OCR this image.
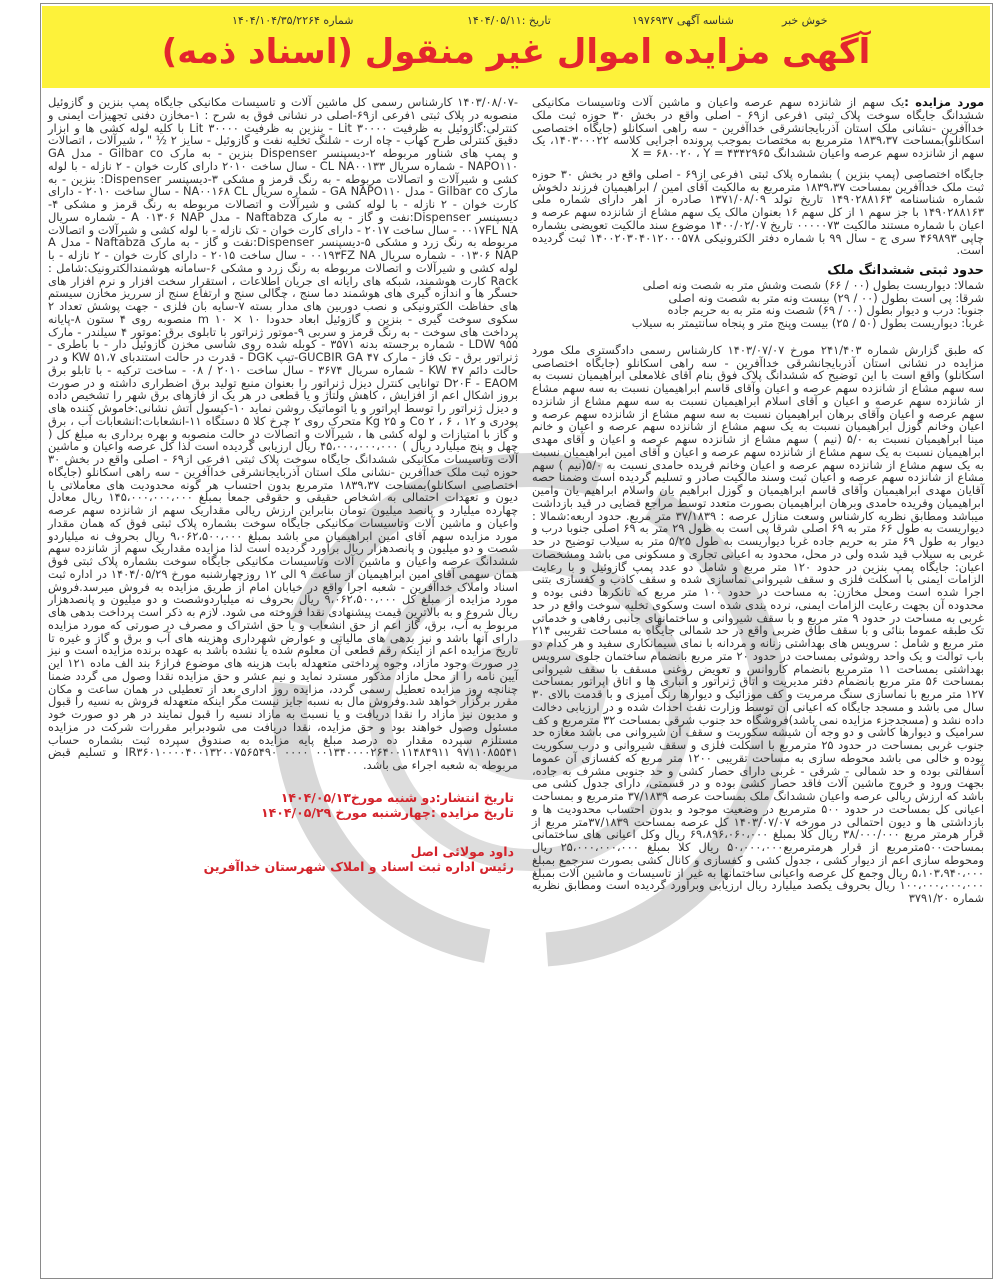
خوش خبر
شناسه آگهی ۱۹۷۶۹۳۷
تاریخ :۱۴۰۴/۰۵/۱۱
شماره ۱۴۰۴/۱۰۴/۳۵/۲۲۶۴
آگهی مزایده اموال غیر منقول (اسناد ذمه)

مورد مزایده :یک سهم از شانزده سهم عرصه واعیان و ماشین آلات وتاسیسات مکانیکی ششدانگ جایگاه سوخت پلاک ثبتی ۱فرعی از۶۹ - اصلی واقع در بخش ۳۰ حوزه ثبت ملک خداآفرین -نشانی ملک استان آذربایجانشرقی خداآفرین - سه راهی اسکانلو (جایگاه اختصاصی اسکانلو)بمساحت ۱۸۳۹،۳۷ مترمربع به مختصات بموجب پرونده اجرایی کلاسه ۱۴۰۳۰۰۰۲۲، یک سهم از شانزده سهم عرصه واعیان ششدانگ X = ۶۸۰۰۲۰ ، Y = ۴۳۴۲۹۶۵

جایگاه اختصاصی (پمپ بنزین ) بشماره پلاک ثبتی ۱فرعی از۶۹ - اصلی واقع در بخش ۳۰ حوزه ثبت ملک خداآفرین بمساحت ۱۸۳۹،۳۷ مترمربع به مالکیت آقای امین / ابراهیمیان فرزند دلخوش شماره شناسنامه ۱۴۹۰۲۸۸۱۶۳ تاریخ تولد ۱۳۷۱/۰۸/۰۹ صادره از اهر دارای شماره ملی ۱۴۹۰۲۸۸۱۶۳ با جز سهم ۱ از کل سهم ۱۶ بعنوان مالک یک سهم مشاع از شانزده سهم عرصه و اعیان با شماره مستند مالکیت ۰۰۰۰۰۷۳ تاریخ ۱۴۰۰/۰۲/۰۷ موضوع سند مالکیت تعویضی بشماره چاپی ۴۶۹۸۹۳ سری ج - سال ۹۹ با شماره دفتر الکترونیکی ۱۴۰۰۲۰۳۰۴۰۱۲۰۰۰۵۷۸ ثبت گردیده است.

حدود ثبتی ششدانگ ملک
شمالا: دیواریست بطول (۰۰ / ۶۶) شصت وشش متر به شصت ونه اصلی
شرقا: پی است بطول (۰۰ / ۲۹) بیست ونه متر به شصت ونه اصلی
جنوبا: درب و دیوار بطول (۰۰ / ۶۹) شصت ونه متر به به حریم جاده
غربا: دیواریست بطول (۵۰ / ۲۵) بیست وپنج متر و پنجاه سانتیمتر به سیلاب

که طبق گزارش شماره ۲۴۱/۴۰۳ مورخ ۱۴۰۳/۰۷/۰۷ کارشناس رسمی دادگستری ملک مورد مزایده در نشانی استان آذربایجانشرقی خداآفرین - سه راهی اسکانلو (جایگاه اختصاصی اسکانلو) واقع است با این توضیح که ششدانگ پلاک فوق بنام آقای غلامعلی ابراهیمیان نسبت به سه سهم مشاع از شانزده سهم عرصه و اعیان وآقای قاسم ابراهیمیان نسبت به سه سهم مشاع از شانزده سهم عرصه و اعیان و آقای اسلام ابراهیمیان نسبت به سه سهم مشاع از شانزده سهم عرصه و اعیان وآقای برهان ابراهیمیان نسبت به سه سهم مشاع از شانزده سهم عرصه و اعیان وخانم گوزل ابراهیمیان نسبت به یک سهم مشاع از شانزده سهم عرصه و اعیان و خانم مینا ابراهیمیان نسبت به ۵/۰ (نیم ) سهم مشاع از شانزده سهم عرصه و اعیان و آقای مهدی ابراهیمیان نسبت به یک سهم مشاع از شانزده سهم عرصه و اعیان و آقای امین ابراهیمیان نسبت به یک سهم مشاع از شانزده سهم عرصه و اعیان وخانم فریده حامدی نسبت به ۵/۰(نیم ) سهم مشاع از شانزده سهم عرصه و اعیان ثبت وسند مالکیت صادر و تسلیم گردیده است وضمنا حصه آقایان مهدی ابراهیمیان وآقای قاسم ابراهیمیان و گوزل ابراهیم یان واسلام ابراهیم یان وامین ابراهیمیان وفریده حامدی وبرهان ابراهیمیان بصورت متعدد توسط مراجع قضایی در قید بازداشت میباشد ومطابق نظریه کارشناس وسعت منازل عرصه : ۳۷/۱۸۳۹ متر مربع. حدود اربعه:شمالا : دیواریست به طول ۶۶ متر به ۶۹ اصلی شرقا پی است به طول ۲۹ متر به ۶۹ اصلی جنوبا درب و دیوار به طول ۶۹ متر به حریم جاده غربا دیواریست به طول ۵/۲۵ متر به سیلاب توضیح در حد غربی به سیلاب قید شده ولی در محل، محدود به اعیانی تجاری و مسکونی می باشد ومشخصات اعیان: جایگاه پمپ بنزین در حدود ۱۲۰ متر مربع و شامل دو عدد پمپ گازوئیل و با رعایت الزامات ایمنی با اسکلت فلزی و سقف شیروانی نماسازی شده و سقف کاذب و کفسازی بتنی اجرا شده است ومحل مخازن: به مساحت در حدود ۱۰۰ متر مربع که تانکرها دفنی بوده و محدوده آن بجهت رعایت الزامات ایمنی، نرده بندی شده است وسکوی تخلیه سوخت واقع در حد غربی به مساحت در حدود ۹ متر مربع و با سقف شیروانی و ساختمانهای جانبی رفاهی و خدماتی تک طبقه عموما بنائی و با سقف طاق ضربی واقع در حد شمالی جایگاه به مساحت تقریبی ۲۱۴ متر مربع و شامل : سرویس های بهداشتی زنانه و مردانه با نمای سیمانکاری سفید و هر کدام دو باب توالت و یک واحد روشوئی بمساحت در حدود ۲۰ متر مربع بانضمام ساختمان جلوی سرویس بهداشتی بمساحت ۱۱ مترمربع بانضمام کاروانس و تعویض روغنی مسقف با سقف شیروانی بمساحت ۵۶ متر مربع بانضمام دفتر مدیریت و اتاق ژنراتور و انباری ها و اتاق اپراتور بمساحت ۱۲۷ متر مربع با نماسازی سنگ مرمریت و کف موزائیک و دیوارها رنگ آمیزی و با قدمت بالای ۳۰ سال می باشد و مسجد جایگاه که اعیانی آن توسط وزارت نفت احداث شده و در ارزیابی دخالت داده نشد و (مسجدجزء مزایده نمی باشد)فروشگاه حد جنوب شرقی بمساحت ۳۲ مترمربع و کف سرامیک و دیوارها کاشی و دو وجه آن شیشه سکوریت و سقف آن شیروانی می باشد مغازه حد جنوب غربی بمساحت در حدود ۲۵ مترمربع با اسکلت فلزی و سقف شیروانی و درب سکوریت بوده و خالی می باشد محوطه سازی به مساحت تقریبی ۱۲۰۰ متر مربع که کفسازی آن عموما آسفالتی بوده و حد شمالی - شرقی - غربی دارای حصار کشی و حد جنوبی مشرف به جاده، بجهت ورود و خروج ماشین آلات فاقد حصار کشی بوده و در قسمتی، دارای جدول کشی می باشد که ارزش ریالی عرصه واعیان ششدانگ ملک بمساحت عرصه ۳۷/۱۸۳۹ مترمربع و بمساحت اعیانی کل بمساحت در حدود ۵۰۰ مترمربع در وضعیت موجود و بدون احتساب محدودیت ها و بازداشتی ها و دیون احتمالی در مورخه ۱۴۰۳/۰۷/۰۷ کل عرصه بمساحت ۳۷/۱۸۳۹متر مربع از قرار هرمتر مربع ۳۸/۰۰۰/۰۰۰ ریال کلا بمبلغ ۶۹،۸۹۶،۰۶۰،۰۰۰ ریال وکل اعیانی های ساختمانی بمساحت۵۰۰مترمربع از قرار هرمترمربع۵۰،۰۰۰،۰۰۰ ریال کلا بمبلغ ۲۵،۰۰۰،۰۰۰،۰۰۰ ریال ومحوطه سازی اعم از دیوار کشی ، جدول کشی و کفسازی و کانال کشی بصورت سرجمع بمبلغ ۵،۱۰۳،۹۴۰،۰۰۰ ریال وجمع کل عرصه واعیانی ساختمانها به غیر از تاسیسات و ماشین آلات بمبلغ ۱۰۰،۰۰۰،۰۰۰،۰۰۰ ریال بحروف یکصد میلیارد ریال ارزیابی وبرآورد گردیده است ومطابق نظریه شماره ۳۷۹۱/۲۰

-۱۴۰۳/۰۸/۰۷ کارشناس رسمی کل ماشین آلات و تاسیسات مکانیکی جایگاه پمپ بنزین و گازوئیل منصوبه در پلاک ثبتی ۱فرعی از۶۹-اصلی در نشانی فوق به شرح : ۱-مخازن دفنی تجهیزات ایمنی و کنترلی:گازوئیل به ظرفیت Lit ۳۰۰۰۰ - بنزین به ظرفیت ۳۰۰۰۰ Lit با کلیه لوله کشی ها و ابزار دقیق کنترلی طرح کهاب - چاه ارت - شلنگ تخلیه نفت و گازوئیل - سایز ۲ ½ " ، شیرآلات ، اتصالات و پمپ های شناور مربوطه ۲-دیسپنسر Dispenser بنزین - به مارک Gilbar co - مدل GA NAPO۱۱۰ - شماره سریال CL NA۰۰۱۳۳ - سال ساخت ۲۰۱۰ دارای کارت خوان - ۲ نازله - با لوله کشی و شیرآلات و اتصالات مربوطه - به رنگ قرمز و مشکی ۳-دیسپنسر Dispenser: بنزین - به مارک Gilbar co - مدل GA NAPO۱۱۰ - شماره سریال NA۰۰۱۶۸ CL - سال ساخت ۲۰۱۰ - دارای کارت خوان - ۲ نازله - با لوله کشی و شیرآلات و اتصالات مربوطه به رنگ قرمز و مشکی ۴-دیسپنسر Dispenser:نفت و گاز - به مارک Naftabza - مدل A ۰۱۳۰۶ NAP - شماره سریال ۰۰۱۷FL NA - سال ساخت ۲۰۱۷ - دارای کارت خوان - تک نازله - با لوله کشی و شیرآلات و اتصالات مربوطه به رنگ زرد و مشکی ۵-دیسپنسر Dispenser:نفت و گاز - به مارک Naftabza - مدل A ۰۱۳۰۶ NAP - شماره سریال ۰۰۱۹۳FZ NA - سال ساخت ۲۰۱۵ - دارای کارت خوان - ۲ نازله - با لوله کشی و شیرآلات و اتصالات مربوطه به رنگ زرد و مشکی ۶-سامانه هوشمندالکترونیک:شامل : Rack کارت هوشمند، شبکه های رایانه ای جریان اطلاعات ، استقرار سخت افزار و نرم افزار های حسگر ها و اندازه گیری های هوشمند دما سنج ، چگالی سنج و ارتفاع سنج از سرریز مخازن سیستم های حفاظت الکترونیکی و نصب دوربین های مدار بسته ۷-سایه بان فلزی - جهت پوشش تعداد ۲ سکوی سوخت گیری - بنزین و گازوئیل ابعاد حدودا ۱۰ × ۱۰ m منصوبه روی ۴ ستون ۸-پایانه پرداخت های سوخت - به رنگ قرمز و سربی ۹-موتور ژنراتور با تابلوی برق :موتور ۴ سیلندر - مارک LDW ۹۵۵ - شماره برجسته بدنه ۳۵۷۱ - کوبله شده روی شاسی مخزن گازوئیل دار - با باطری - ژنراتور برق - تک فاز - مارک GUCBIR GA ۴۷-تیپ DGK - قدرت در حالت استندبای KW ۵۱،۷ و در حالت دائم ۴۷ KW - شماره سریال ۳۶۷۴ - سال ساخت ۲۰۱۰ / ۰۸ - ساخت ترکیه - با تابلو برق D۲۰F - EAOM توانایی کنترل دیزل ژنراتور را بعنوان منبع تولید برق اضطراری داشته و در صورت بروز اشکال اعم از افزایش ، کاهش ولتاژ و یا قطعی در هر یک از فازهای برق شهر را تشخیص داده و دیزل ژنراتور را توسط اپراتور و یا اتوماتیک روشن نماید ۱۰-کپسول آتش نشانی:خاموش کننده های پودری و Co ۲ ، ۶ ، ۱۲ و ۲۵ Kg متحرک روی ۲ چرخ کلا ۵ دستگاه ۱۱-انشعابات:انشعابات آب ، برق و گاز با امتیازات و لوله کشی ها ، شیرآلات و اتصالات در حالت منصوبه و بهره برداری به مبلغ کل ( چهل و پنج میلیارد ریال ) ۴۵،۰۰۰،۰۰۰،۰۰۰ ریال ارزیابی گردیده است لذا کل عرصه واعیان و ماشین آلات وتاسیسات مکانیکی ششدانگ جایگاه سوخت پلاک ثبتی ۱فرعی از۶۹ - اصلی واقع در بخش ۳۰ حوزه ثبت ملک خداآفرین -نشانی ملک استان آذربایجانشرقی خداآفرین - سه راهی اسکانلو (جایگاه اختصاصی اسکانلو)بمساحت ۱۸۳۹،۳۷ مترمربع بدون احتساب هر گونه محدودیت های معاملاتی یا دیون و تعهدات احتمالی به اشخاص حقیقی و حقوقی جمعا بمبلغ ۱۴۵،۰۰۰،۰۰۰،۰۰۰ ریال معادل چهارده میلیارد و پانصد میلیون تومان بنابراین ارزش ریالی مقداریک سهم از شانزده سهم عرصه واعیان و ماشین آلات وتاسیسات مکانیکی جایگاه سوخت بشماره پلاک ثبتی فوق که همان مقدار مورد مزایده سهم آقای امین ابراهیمیان می باشد بمبلغ ۹،۰۶۲،۵۰۰،۰۰۰ ریال بحروف نه میلیاردو شصت و دو میلیون و پانصدهزار ریال برآورد گردیده است لذا مزایده مقداریک سهم از شانزده سهم ششدانگ عرصه واعیان و ماشین آلات وتاسیسات مکانیکی جایگاه سوخت بشماره پلاک ثبتی فوق همان سهمی آقای امین ابراهیمیان از ساعت ۹ الی ۱۲ روزچهارشنبه مورخ ۱۴۰۴/۰۵/۲۹ در اداره ثبت اسناد واملاک خداآفرین - شعبه اجرا واقع در خیابان امام از طریق مزایده به فروش میرسد.فروش مورد مزایده از مبلغ کل ۹،۰۶۲،۵۰۰،۰۰۰ ریال بحروف نه میلیاردوشصت و دو میلیون و پانصدهزار ریال شروع و به بالاترین قیمت پیشنهادی نقدا فروخته می شود. لازم به ذکر است پرداخت بدهی های مربوط به آب، برق، گاز اعم از حق انشعاب و یا حق اشتراک و مصرف در صورتی که مورد مزایده دارای آنها باشد و نیز بدهی های مالیاتی و عوارض شهرداری وهزینه های آب و برق و گاز و غیره تا تاریخ مزایده اعم از اینکه رقم قطعی آن معلوم شده یا نشده باشد به عهده برنده مزایده است و نیز در صورت وجود مازاد، وجوه پرداختی متعهدله بابت هزینه های موضوع فراز۶ بند الف ماده ۱۲۱ این آیین نامه را از محل مازاد مذکور مسترد نماید و نیم عشر و حق مزایده نقدا وصول می گردد ضمنا چنانچه روز مزایده تعطیل رسمی گردد، مزایده روز اداری بعد از تعطیلی در همان ساعت و مکان مقرر برگزار خواهد شد.وفروش مال به نسبه جایز نیست مگر اینکه متعهدله فروش به نسیه را قبول و مدیون نیز مازاد را نقدا دریافت و یا نسبت به مازاد نسیه را قبول نمایند در هر دو صورت خود مسئول وصول خواهند بود و حق مزایده، نقدا دریافت می شودبرابر مقررات شرکت در مزایده مستلزم سپرده مقدار ده درصد مبلغ پایه مزایده به صندوق سپرده ثبت بشماره حساب IR۳۶۰۱۰۰۰۰۴۰۰۱۳۲۰۰۷۵۶۵۴۹۰ ۰۰۰۰ ۰۰۱۳۴۰۰۰۰۲۶۴۰۰۱۱۴۸۴۹۱۱ ۹۷۱۱۰۸۵۵۴۱ و تسلیم قبض مربوطه به شعبه اجراء می باشد.

تاریخ انتشار:دو شنبه مورخ۱۴۰۴/۰۵/۱۳
تاریخ مزایده :چهارشنبه مورخ ۱۴۰۴/۰۵/۲۹
داود مولائی اصل
رئیس اداره ثبت اسناد و املاک شهرستان خداآفرین
